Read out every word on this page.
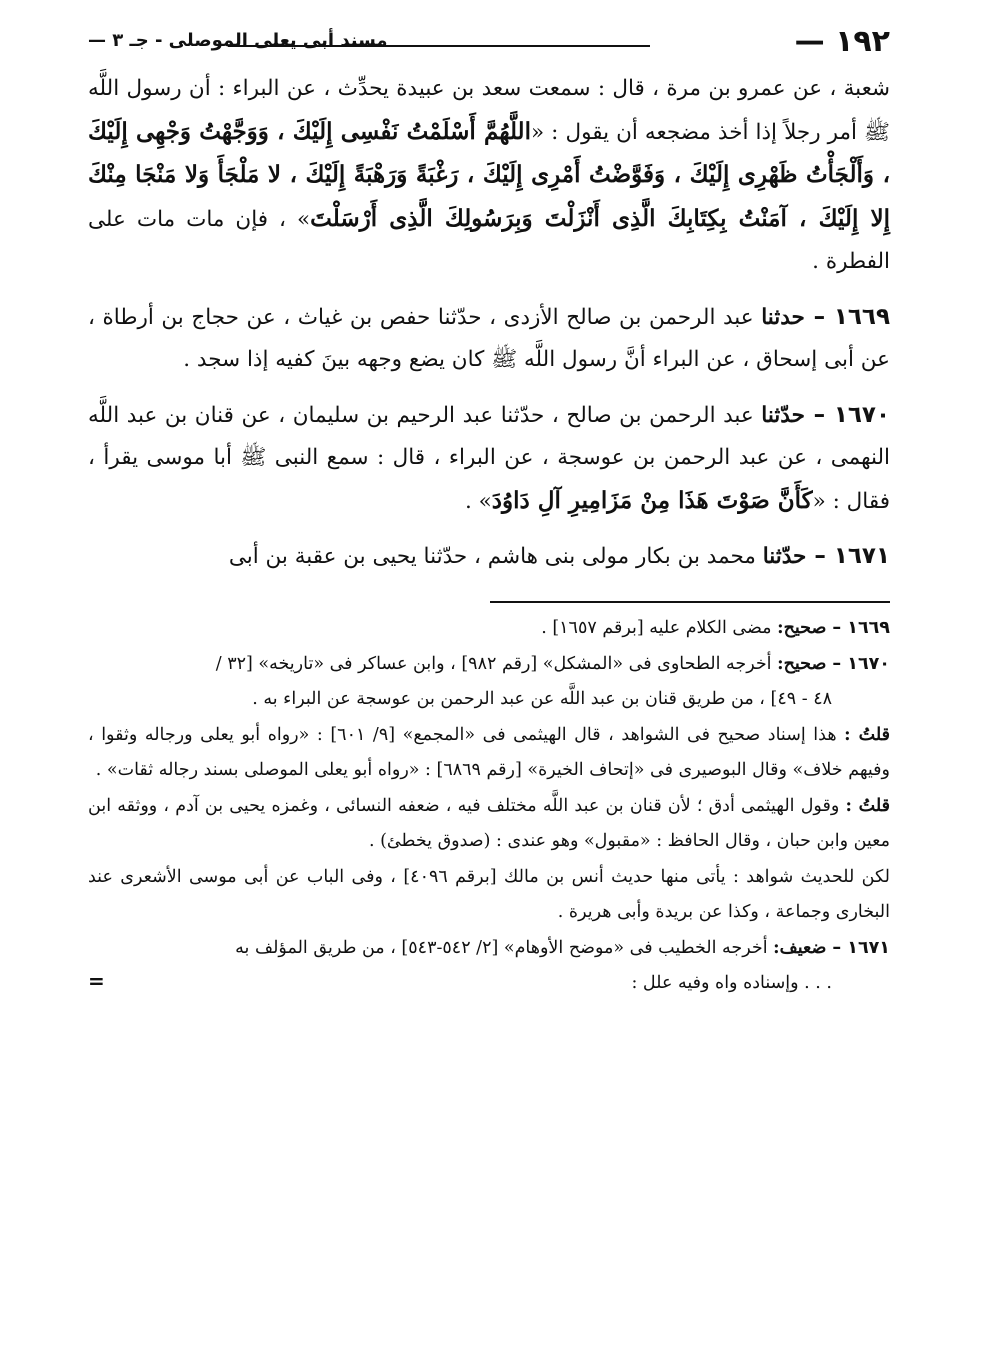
١٩٢ —
مسند أبى يعلى الموصلى - جـ ٣ —

شعبة ، عن عمرو بن مرة ، قال : سمعت سعد بن عبيدة يحدِّث ، عن البراء : أن رسول اللَّه ﷺ أمر رجلاً إذا أخذ مضجعه أن يقول : «اللَّهُمَّ أَسْلَمْتُ نَفْسِى إِلَيْكَ ، وَوَجَّهْتُ وَجْهِى إِلَيْكَ ، وَأَلْجَأْتُ ظَهْرِى إِلَيْكَ ، وَفَوَّضْتُ أَمْرِى إِلَيْكَ ، رَغْبَةً وَرَهْبَةً إِلَيْكَ ، لا مَلْجَأَ وَلا مَنْجَا مِنْكَ إِلا إِلَيْكَ ، آمَنْتُ بِكِتَابِكَ الَّذِى أَنْزَلْتَ وَبِرَسُولِكَ الَّذِى أَرْسَلْتَ» ، فإن مات مات على الفطرة .

١٦٦٩ – حدثنا عبد الرحمن بن صالح الأزدى ، حدّثنا حفص بن غياث ، عن حجاج بن أرطاة ، عن أبى إسحاق ، عن البراء أنَّ رسول اللَّه ﷺ كان يضع وجهه بينَ كفيه إذا سجد .

١٦٧٠ – حدّثنا عبد الرحمن بن صالح ، حدّثنا عبد الرحيم بن سليمان ، عن قنان بن عبد اللَّه النهمى ، عن عبد الرحمن بن عوسجة ، عن البراء ، قال : سمع النبى ﷺ أبا موسى يقرأ ، فقال : «كَأَنَّ صَوْتَ هَذَا مِنْ مَزَامِيرِ آلِ دَاوُدَ» .

١٦٧١ – حدّثنا محمد بن بكار مولى بنى هاشم ، حدّثنا يحيى بن عقبة بن أبى

١٦٦٩ – صحيح: مضى الكلام عليه [برقم ١٦٥٧] .

١٦٧٠ – صحيح: أخرجه الطحاوى فى «المشكل» [رقم ٩٨٢] ، وابن عساكر فى «تاريخه» [٣٢ /

٤٨ - ٤٩] ، من طريق قنان بن عبد اللَّه عن عبد الرحمن بن عوسجة عن البراء به .

قلتُ : هذا إسناد صحيح فى الشواهد ، قال الهيثمى فى «المجمع» [٩/ ٦٠١] : «رواه أبو يعلى ورجاله وثقوا ، وفيهم خلاف» وقال البوصيرى فى «إتحاف الخيرة» [رقم ٦٨٦٩] : «رواه أبو يعلى الموصلى بسند رجاله ثقات» .

قلتُ : وقول الهيثمى أدق ؛ لأن قنان بن عبد اللَّه مختلف فيه ، ضعفه النسائى ، وغمزه يحيى بن آدم ، ووثقه ابن معين وابن حبان ، وقال الحافظ : «مقبول» وهو عندى : (صدوق يخطئ) .

لكن للحديث شواهد : يأتى منها حديث أنس بن مالك [برقم ٤٠٩٦] ، وفى الباب عن أبى موسى الأشعرى عند البخارى وجماعة ، وكذا عن بريدة وأبى هريرة .

١٦٧١ – ضعيف: أخرجه الخطيب فى «موضح الأوهام» [٢/ ٥٤٢-٥٤٣] ، من طريق المؤلف به

. . . وإسناده واه وفيه علل :
=
